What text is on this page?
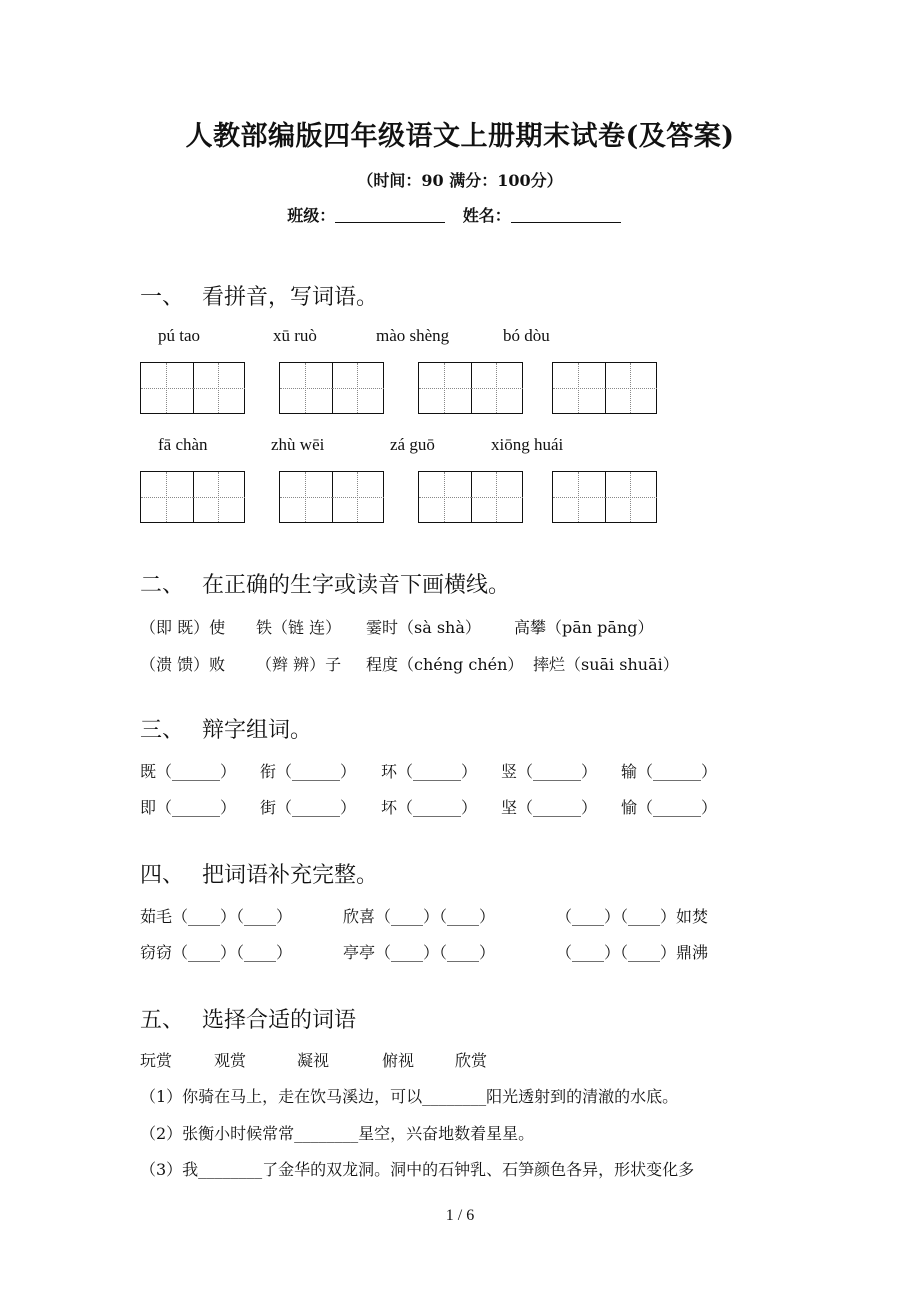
人教部编版四年级语文上册期末试卷(及答案)
（时间：90 满分：100分）
班级：	姓名：
一、 看拼音，写词语。
pú tao	xū ruò	mào shèng	bó dòu
fā chàn	zhù wēi	zá guō	xiōng huái
二、 在正确的生字或读音下画横线。
（即 既）使 铁（链 连） 霎时（sà shà） 高攀（pān pāng）
（溃 馈）败 （辫 辨）子 程度（chéng chén） 摔烂（suāi shuāi）
三、 辩字组词。
既（______） 衔（______） 环（______） 竖（______） 输（______）
即（______） 街（______） 坏（______） 坚（______） 愉（______）
四、 把词语补充完整。
茹毛（____）（____）	欣喜（____）（____）	（____）（____）如焚
窃窃（____）（____）	亭亭（____）（____）	（____）（____）鼎沸
五、 选择合适的词语
玩赏	观赏	凝视	俯视	欣赏
（1）你骑在马上，走在饮马溪边，可以________阳光透射到的清澈的水底。
（2）张衡小时候常常________星空，兴奋地数着星星。
（3）我________了金华的双龙洞。洞中的石钟乳、石笋颜色各异，形状变化多
1 / 6
